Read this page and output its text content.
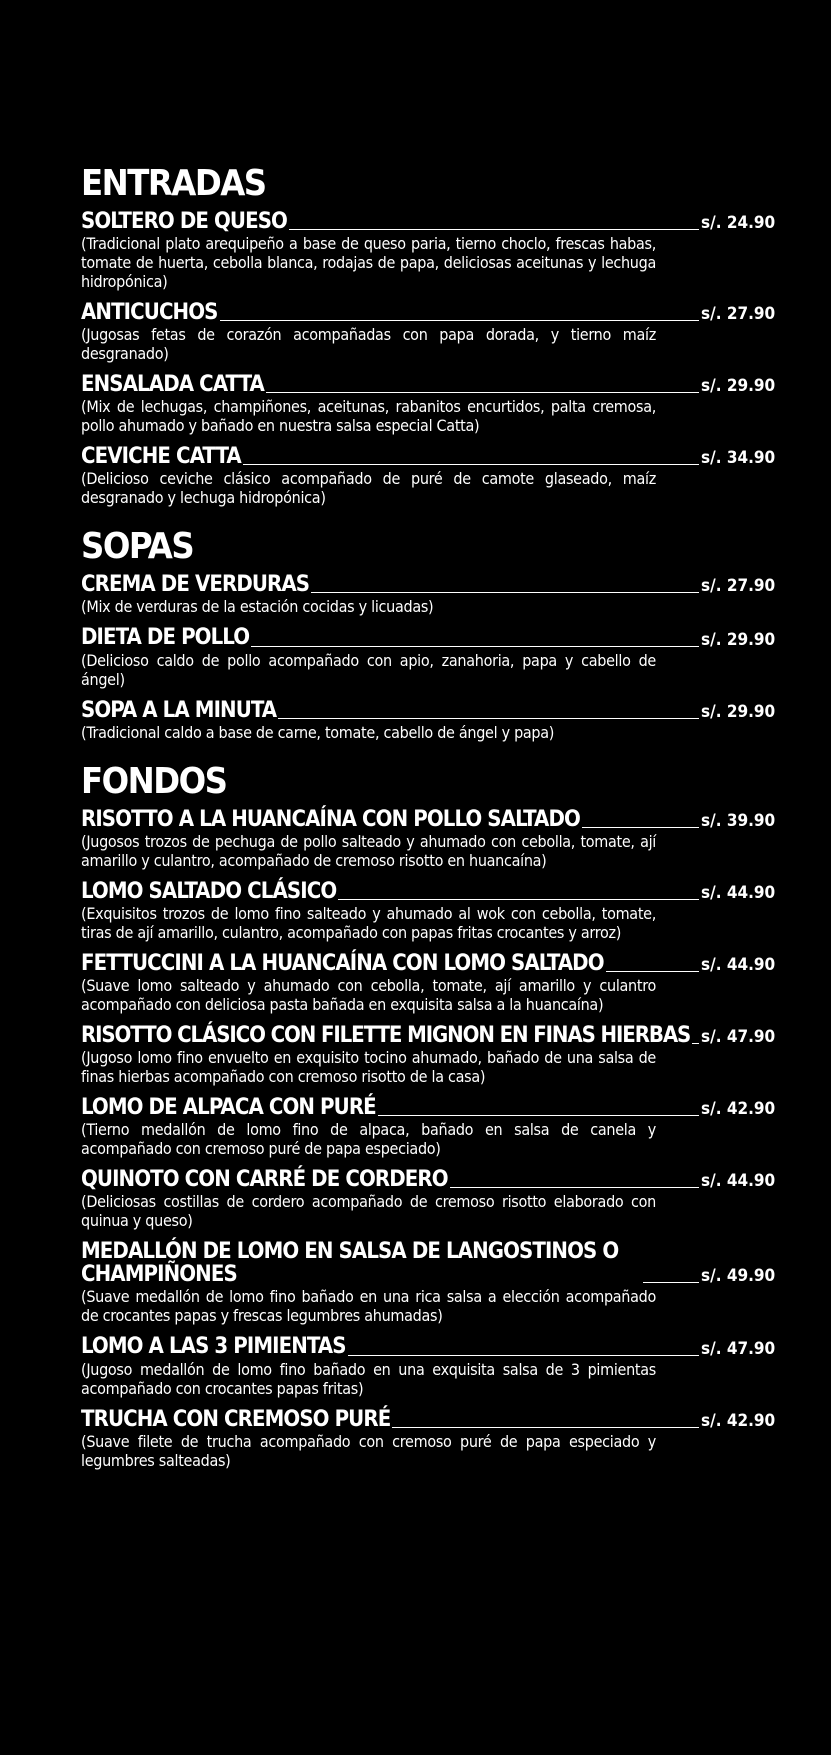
ENTRADAS
SOLTERO DE QUESO	s/. 24.90
(Tradicional plato arequipeño a base de queso paria, tierno choclo, frescas habas, tomate de huerta, cebolla blanca, rodajas de papa, deliciosas aceitunas y lechuga hidropónica)
ANTICUCHOS	s/. 27.90
(Jugosas fetas de corazón acompañadas con papa dorada, y tierno maíz desgranado)
ENSALADA CATTA	s/. 29.90
(Mix de lechugas, champiñones, aceitunas, rabanitos encurtidos, palta cremosa, pollo ahumado y bañado en nuestra salsa especial Catta)
CEVICHE CATTA	s/. 34.90
(Delicioso ceviche clásico acompañado de puré de camote glaseado, maíz desgranado y lechuga hidropónica)
SOPAS
CREMA DE VERDURAS	s/. 27.90
(Mix de verduras de la estación cocidas y licuadas)
DIETA DE POLLO	s/. 29.90
(Delicioso caldo de pollo acompañado con apio, zanahoria, papa y cabello de ángel)
SOPA A LA MINUTA	s/. 29.90
(Tradicional caldo a base de carne, tomate, cabello de ángel y papa)
FONDOS
RISOTTO A LA HUANCAÍNA CON POLLO SALTADO	s/. 39.90
(Jugosos trozos de pechuga de pollo salteado y ahumado con cebolla, tomate, ají amarillo y culantro, acompañado de cremoso risotto en huancaína)
LOMO SALTADO CLÁSICO	s/. 44.90
(Exquisitos trozos de lomo fino salteado y ahumado al wok con cebolla, tomate, tiras de ají amarillo, culantro, acompañado con papas fritas crocantes y arroz)
FETTUCCINI A LA HUANCAÍNA CON LOMO SALTADO	s/. 44.90
(Suave lomo salteado y ahumado con cebolla, tomate, ají amarillo y culantro acompañado con deliciosa pasta bañada en exquisita salsa a la huancaína)
RISOTTO CLÁSICO CON FILETTE MIGNON EN FINAS HIERBAS s/. 47.90
(Jugoso lomo fino envuelto en exquisito tocino ahumado, bañado de una salsa de finas hierbas acompañado con cremoso risotto de la casa)
LOMO DE ALPACA CON PURÉ	s/. 42.90
(Tierno medallón de lomo fino de alpaca, bañado en salsa de canela y acompañado con cremoso puré de papa especiado)
QUINOTO CON CARRÉ DE CORDERO	s/. 44.90
(Deliciosas costillas de cordero acompañado de cremoso risotto elaborado con quinua y queso)
MEDALLÓN DE LOMO EN SALSA DE LANGOSTINOS O CHAMPIÑONES	s/. 49.90
(Suave medallón de lomo fino bañado en una rica salsa a elección acompañado de crocantes papas y frescas legumbres ahumadas)
LOMO A LAS 3 PIMIENTAS	s/. 47.90
(Jugoso medallón de lomo fino bañado en una exquisita salsa de 3 pimientas acompañado con crocantes papas fritas)
TRUCHA CON CREMOSO PURÉ	s/. 42.90
(Suave filete de trucha acompañado con cremoso puré de papa especiado y legumbres salteadas)
